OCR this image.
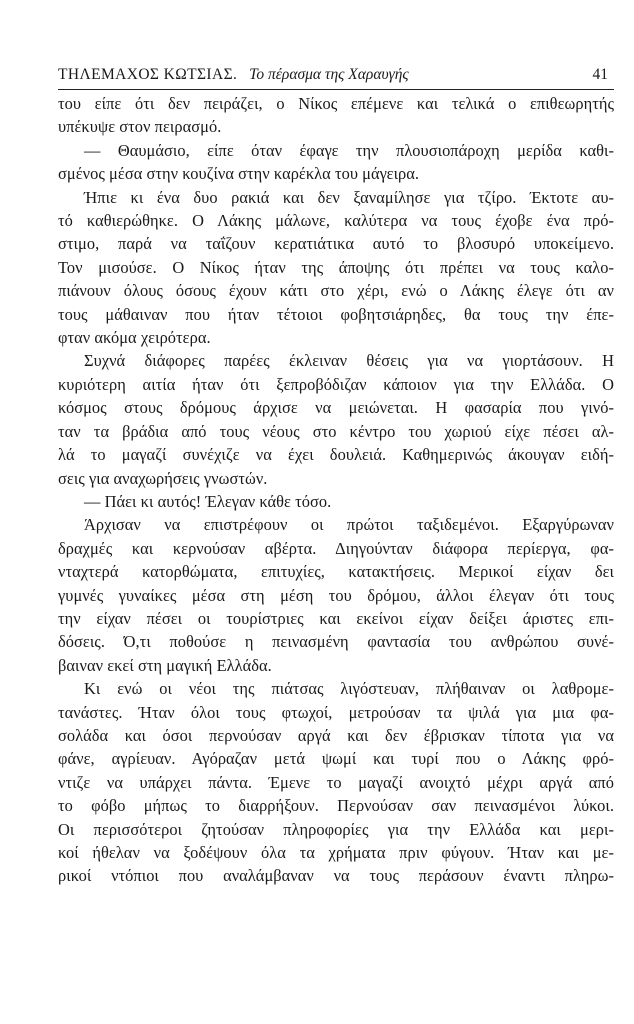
ΤΗΛΕΜΑΧΟΣ ΚΩΤΣΙΑΣ. Το πέρασμα της Χαραυγής	41

του είπε ότι δεν πειράζει, ο Νίκος επέμενε και τελικά ο επιθεωρητής
υπέκυψε στον πειρασμό.

— Θαυμάσιο, είπε όταν έφαγε την πλουσιοπάροχη μερίδα καθι-
σμένος μέσα στην κουζίνα στην καρέκλα του μάγειρα.

Ήπιε κι ένα δυο ρακιά και δεν ξαναμίλησε για τζίρο. Έκτοτε αυ-
τό καθιερώθηκε. Ο Λάκης μάλωνε, καλύτερα να τους έχοβε ένα πρό-
στιμο, παρά να ταΐζουν κερατιάτικα αυτό το βλοσυρό υποκείμενο.
Τον μισούσε. Ο Νίκος ήταν της άποψης ότι πρέπει να τους καλο-
πιάνουν όλους όσους έχουν κάτι στο χέρι, ενώ ο Λάκης έλεγε ότι αν
τους μάθαιναν που ήταν τέτοιοι φοβητσιάρηδες, θα τους την έπε-
φταν ακόμα χειρότερα.

Συχνά διάφορες παρέες έκλειναν θέσεις για να γιορτάσουν. Η
κυριότερη αιτία ήταν ότι ξεπροβόδιζαν κάποιον για την Ελλάδα. Ο
κόσμος στους δρόμους άρχισε να μειώνεται. Η φασαρία που γινό-
ταν τα βράδια από τους νέους στο κέντρο του χωριού είχε πέσει αλ-
λά το μαγαζί συνέχιζε να έχει δουλειά. Καθημερινώς άκουγαν ειδή-
σεις για αναχωρήσεις γνωστών.

— Πάει κι αυτός! Έλεγαν κάθε τόσο.

Άρχισαν να επιστρέφουν οι πρώτοι ταξιδεμένοι. Εξαργύρωναν
δραχμές και κερνούσαν αβέρτα. Διηγούνταν διάφορα περίεργα, φα-
νταχτερά κατορθώματα, επιτυχίες, κατακτήσεις. Μερικοί είχαν δει
γυμνές γυναίκες μέσα στη μέση του δρόμου, άλλοι έλεγαν ότι τους
την είχαν πέσει οι τουρίστριες και εκείνοι είχαν δείξει άριστες επι-
δόσεις. Ό,τι ποθούσε η πεινασμένη φαντασία του ανθρώπου συνέ-
βαιναν εκεί στη μαγική Ελλάδα.

Κι ενώ οι νέοι της πιάτσας λιγόστευαν, πλήθαιναν οι λαθρομε-
τανάστες. Ήταν όλοι τους φτωχοί, μετρούσαν τα ψιλά για μια φα-
σολάδα και όσοι περνούσαν αργά και δεν έβρισκαν τίποτα για να
φάνε, αγρίευαν. Αγόραζαν μετά ψωμί και τυρί που ο Λάκης φρό-
ντιζε να υπάρχει πάντα. Έμενε το μαγαζί ανοιχτό μέχρι αργά από
το φόβο μήπως το διαρρήξουν. Περνούσαν σαν πεινασμένοι λύκοι.
Οι περισσότεροι ζητούσαν πληροφορίες για την Ελλάδα και μερι-
κοί ήθελαν να ξοδέψουν όλα τα χρήματα πριν φύγουν. Ήταν και με-
ρικοί ντόπιοι που αναλάμβαναν να τους περάσουν έναντι πληρω-
